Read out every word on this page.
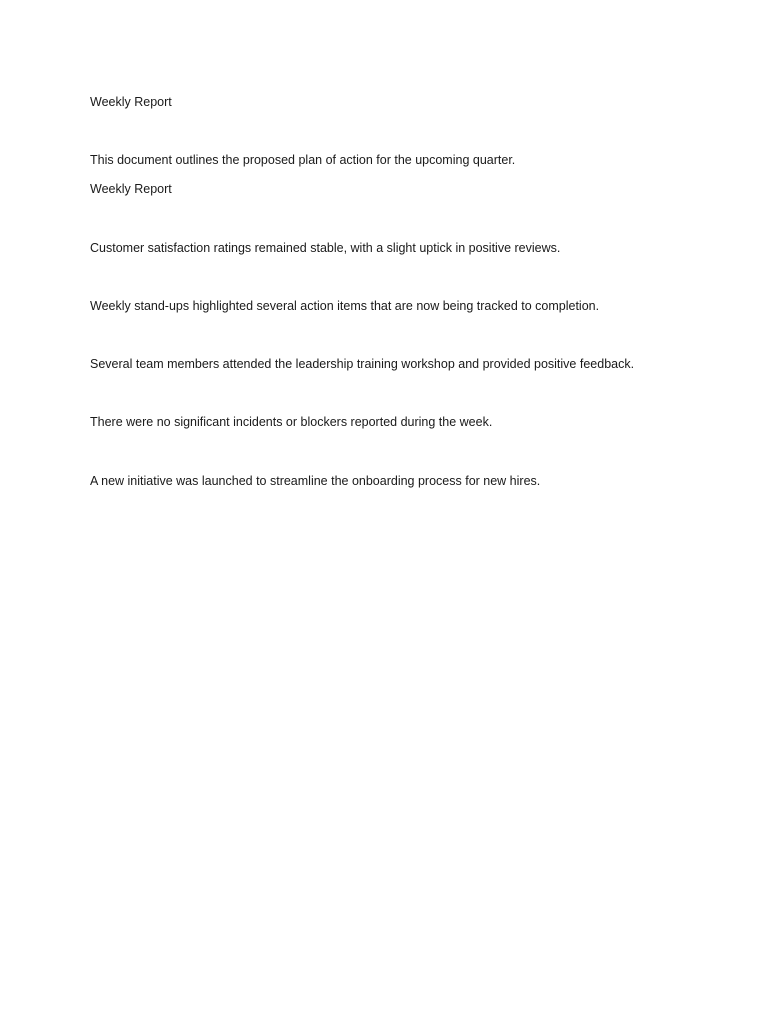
Weekly Report

This document outlines the proposed plan of action for the upcoming quarter.

Weekly Report

Customer satisfaction ratings remained stable, with a slight uptick in positive reviews.

Weekly stand-ups highlighted several action items that are now being tracked to completion.

Several team members attended the leadership training workshop and provided positive feedback.

There were no significant incidents or blockers reported during the week.

A new initiative was launched to streamline the onboarding process for new hires.
